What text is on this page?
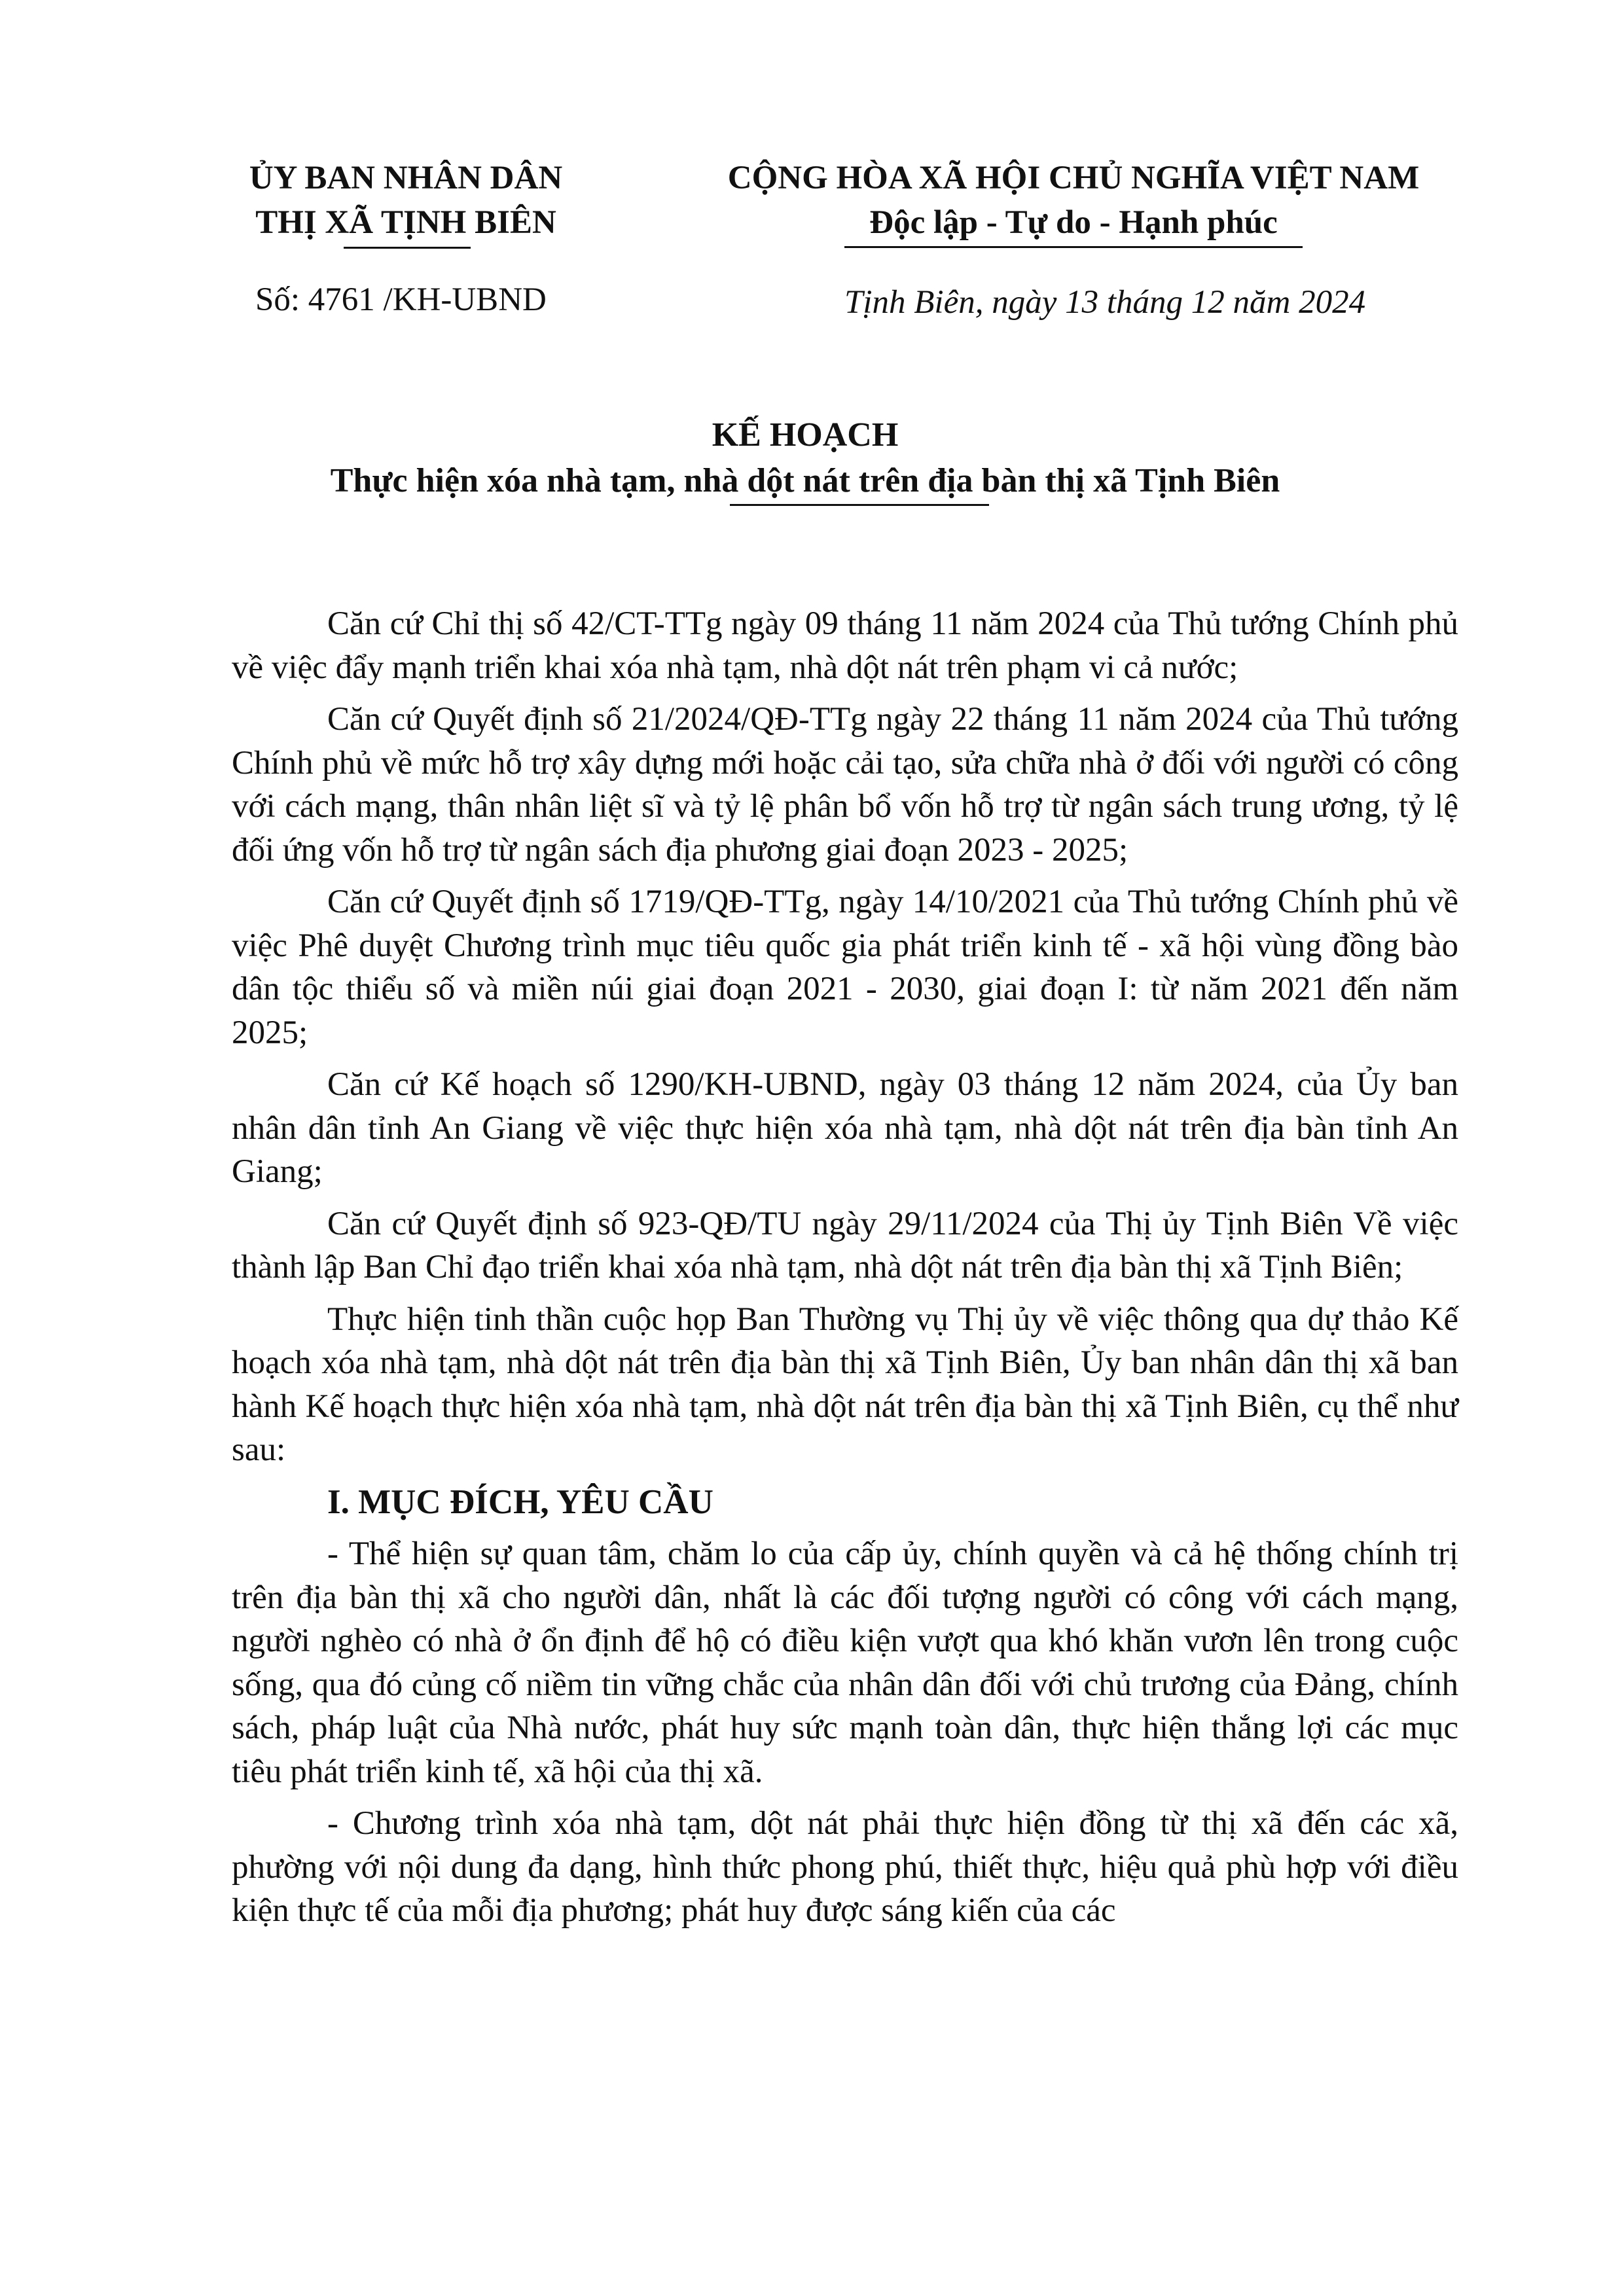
ỦY BAN NHÂN DÂN
THỊ XÃ TỊNH BIÊN
CỘNG HÒA XÃ HỘI CHỦ NGHĨA VIỆT NAM
Độc lập - Tự do - Hạnh phúc
Số: 4761 /KH-UBND	Tịnh Biên, ngày 13 tháng 12 năm 2024
KẾ HOẠCH
Thực hiện xóa nhà tạm, nhà dột nát trên địa bàn thị xã Tịnh Biên

Căn cứ Chỉ thị số 42/CT-TTg ngày 09 tháng 11 năm 2024 của Thủ tướng Chính phủ về việc đẩy mạnh triển khai xóa nhà tạm, nhà dột nát trên phạm vi cả nước;

Căn cứ Quyết định số 21/2024/QĐ-TTg ngày 22 tháng 11 năm 2024 của Thủ tướng Chính phủ về mức hỗ trợ xây dựng mới hoặc cải tạo, sửa chữa nhà ở đối với người có công với cách mạng, thân nhân liệt sĩ và tỷ lệ phân bổ vốn hỗ trợ từ ngân sách trung ương, tỷ lệ đối ứng vốn hỗ trợ từ ngân sách địa phương giai đoạn 2023 - 2025;

Căn cứ Quyết định số 1719/QĐ-TTg, ngày 14/10/2021 của Thủ tướng Chính phủ về việc Phê duyệt Chương trình mục tiêu quốc gia phát triển kinh tế - xã hội vùng đồng bào dân tộc thiểu số và miền núi giai đoạn 2021 - 2030, giai đoạn I: từ năm 2021 đến năm 2025;

Căn cứ Kế hoạch số 1290/KH-UBND, ngày 03 tháng 12 năm 2024, của Ủy ban nhân dân tỉnh An Giang về việc thực hiện xóa nhà tạm, nhà dột nát trên địa bàn tỉnh An Giang;

Căn cứ Quyết định số 923-QĐ/TU ngày 29/11/2024 của Thị ủy Tịnh Biên Về việc thành lập Ban Chỉ đạo triển khai xóa nhà tạm, nhà dột nát trên địa bàn thị xã Tịnh Biên;

Thực hiện tinh thần cuộc họp Ban Thường vụ Thị ủy về việc thông qua dự thảo Kế hoạch xóa nhà tạm, nhà dột nát trên địa bàn thị xã Tịnh Biên, Ủy ban nhân dân thị xã ban hành Kế hoạch thực hiện xóa nhà tạm, nhà dột nát trên địa bàn thị xã Tịnh Biên, cụ thể như sau:

I. MỤC ĐÍCH, YÊU CẦU

- Thể hiện sự quan tâm, chăm lo của cấp ủy, chính quyền và cả hệ thống chính trị trên địa bàn thị xã cho người dân, nhất là các đối tượng người có công với cách mạng, người nghèo có nhà ở ổn định để hộ có điều kiện vượt qua khó khăn vươn lên trong cuộc sống, qua đó củng cố niềm tin vững chắc của nhân dân đối với chủ trương của Đảng, chính sách, pháp luật của Nhà nước, phát huy sức mạnh toàn dân, thực hiện thắng lợi các mục tiêu phát triển kinh tế, xã hội của thị xã.

- Chương trình xóa nhà tạm, dột nát phải thực hiện đồng từ thị xã đến các xã, phường với nội dung đa dạng, hình thức phong phú, thiết thực, hiệu quả phù hợp với điều kiện thực tế của mỗi địa phương; phát huy được sáng kiến của các
